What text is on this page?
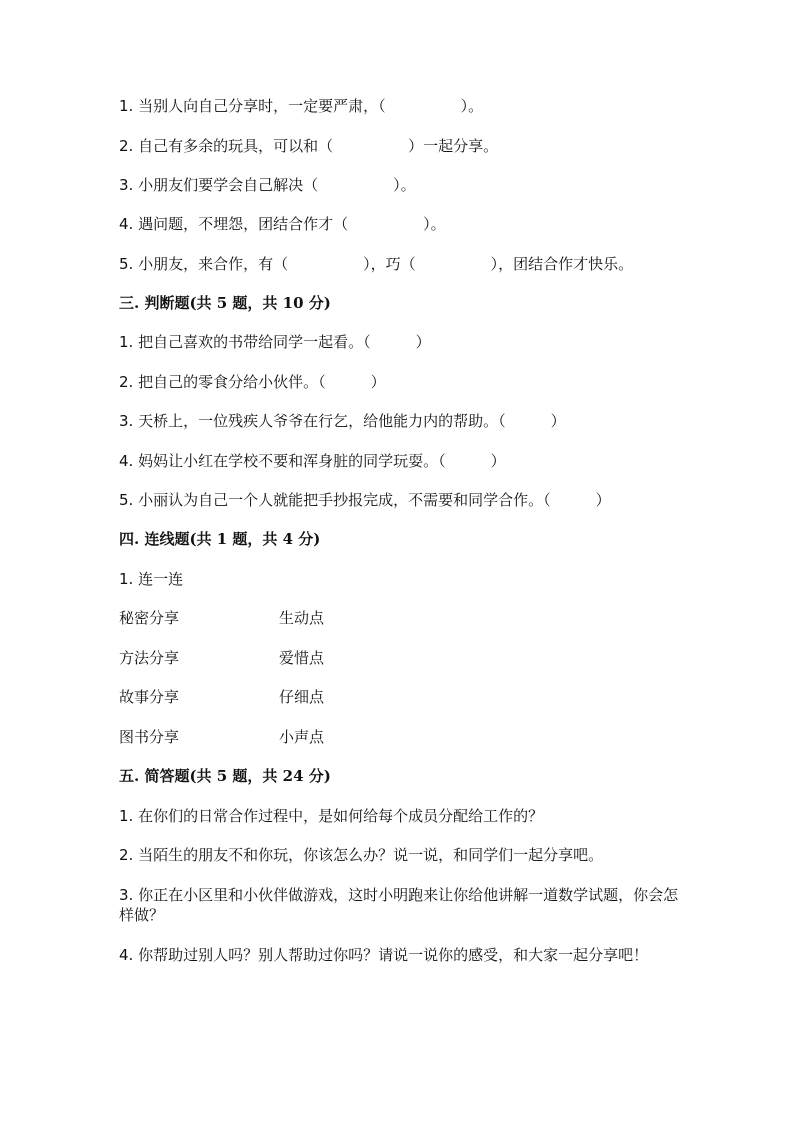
1. 当别人向自己分享时，一定要严肃，（　　　　　）。
2. 自己有多余的玩具，可以和（　　　　　）一起分享。
3. 小朋友们要学会自己解决（　　　　　）。
4. 遇问题，不埋怨，团结合作才（　　　　　）。
5. 小朋友，来合作，有（　　　　　），巧（　　　　　），团结合作才快乐。
三. 判断题(共 5 题，共 10 分)
1. 把自己喜欢的书带给同学一起看。（　　　）
2. 把自己的零食分给小伙伴。（　　　）
3. 天桥上，一位残疾人爷爷在行乞，给他能力内的帮助。（　　　）
4. 妈妈让小红在学校不要和浑身脏的同学玩耍。（　　　）
5. 小丽认为自己一个人就能把手抄报完成，不需要和同学合作。（　　　）
四. 连线题(共 1 题，共 4 分)
1. 连一连
秘密分享	生动点
方法分享	爱惜点
故事分享	仔细点
图书分享	小声点
五. 简答题(共 5 题，共 24 分)
1. 在你们的日常合作过程中，是如何给每个成员分配给工作的？
2. 当陌生的朋友不和你玩，你该怎么办？说一说，和同学们一起分享吧。
3. 你正在小区里和小伙伴做游戏，这时小明跑来让你给他讲解一道数学试题，你会怎样做？
4. 你帮助过别人吗？别人帮助过你吗？请说一说你的感受，和大家一起分享吧！
